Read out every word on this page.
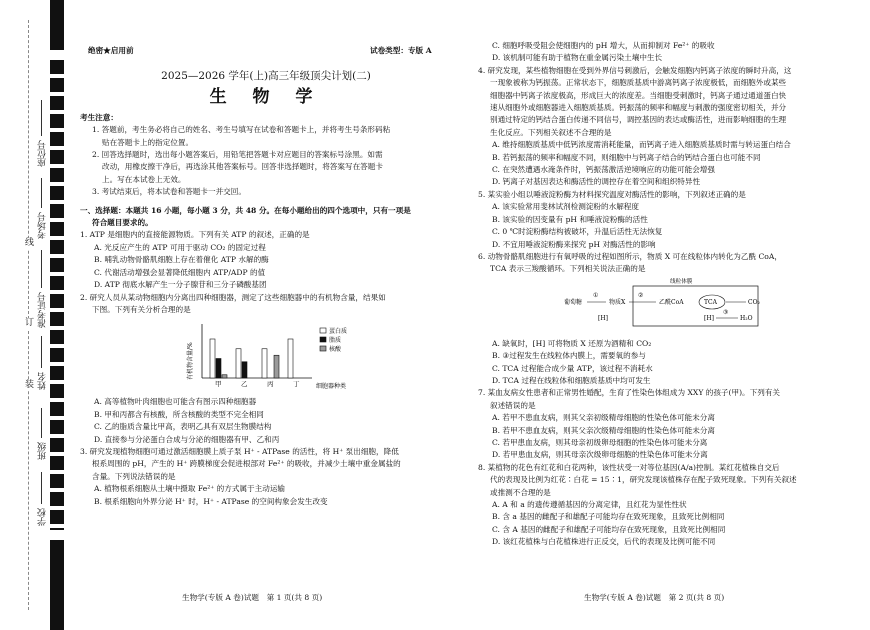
线
订
装
座位号
考场号
准考证号
姓名
班级
学校
绝密★启用前	试卷类型：专版 A
2025—2026 学年(上)高三年级顶尖计划(二)
生 物 学
考生注意：
1. 答题前，考生务必将自己的姓名、考生号填写在试卷和答题卡上，并将考生号条形码粘
贴在答题卡上的指定位置。
2. 回答选择题时，选出每小题答案后，用铅笔把答题卡对应题目的答案标号涂黑。如需
改动，用橡皮擦干净后，再选涂其他答案标号。回答非选择题时，将答案写在答题卡
上。写在本试卷上无效。
3. 考试结束后，将本试卷和答题卡一并交回。
一、选择题：本题共 16 小题，每小题 3 分，共 48 分。在每小题给出的四个选项中，只有一项是
符合题目要求的。
1. ATP 是细胞内的直接能源物质。下列有关 ATP 的叙述，正确的是
A. 光反应产生的 ATP 可用于驱动 CO₂ 的固定过程
B. 哺乳动物骨骼肌细胞上存在着催化 ATP 水解的酶
C. 代谢活动增强会显著降低细胞内 ATP/ADP 的值
D. ATP 彻底水解产生一分子腺苷和三分子磷酸基团
2. 研究人员从某动物细胞内分离出四种细胞器，测定了这些细胞器中的有机物含量，结果如
下图。下列有关分析合理的是
有机物含量/%
细胞器种类
甲	乙	丙	丁
蛋白质
脂质
核酸
A. 高等植物叶肉细胞也可能含有图示四种细胞器
B. 甲和丙都含有核酸，所含核酸的类型不完全相同
C. 乙的脂质含量比甲高，表明乙具有双层生物膜结构
D. 直接参与分泌蛋白合成与分泌的细胞器有甲、乙和丙
3. 研究发现植物细胞可通过激活细胞膜上质子泵 H⁺ - ATPase 的活性，将 H⁺ 泵出细胞，降低
根系周围的 pH，产生的 H⁺ 跨膜梯度会促进根部对 Fe²⁺ 的吸收，并减少土壤中重金属盐的
含量。下列说法错误的是
A. 植物根系细胞从土壤中摄取 Fe²⁺ 的方式属于主动运输
B. 根系细胞向外界分泌 H⁺ 时，H⁺ - ATPase 的空间构象会发生改变
生物学(专版 A 卷)试题　第 1 页(共 8 页)
C. 细胞呼吸受阻会使细胞内的 pH 增大，从而抑制对 Fe²⁺ 的吸收
D. 该机制可能有助于植物在重金属污染土壤中生长
4. 研究发现，某些植物细胞在受到外界信号刺激后，会触发细胞内钙离子浓度的瞬时升高，这
一现象被称为钙振荡。正常状态下，细胞质基质中游离钙离子浓度极低，而细胞外或某些
细胞器中钙离子浓度极高，形成巨大的浓度差。当细胞受刺激时，钙离子通过通道蛋白快
速从细胞外或细胞器进入细胞质基质。钙振荡的频率和幅度与刺激的强度密切相关，并分
别通过特定的钙结合蛋白传递不同信号，调控基因的表达或酶活性，进而影响细胞的生理
生化反应。下列相关叙述不合理的是
A. 维持细胞质基质中低钙浓度需消耗能量，而钙离子进入细胞质基质时需与转运蛋白结合
B. 若钙振荡的频率和幅度不同，则细胞中与钙离子结合的钙结合蛋白也可能不同
C. 在突然遭遇水淹条件时，钙振荡激活逆境响应的功能可能会增强
D. 钙离子对基因表达和酶活性的调控存在着空间和组织特异性
5. 某实验小组以唾液淀粉酶为材料探究温度对酶活性的影响，下列叙述正确的是
A. 该实验常用斐林试剂检测淀粉的水解程度
B. 该实验的因变量有 pH 和唾液淀粉酶的活性
C. 0 ℃时淀粉酶结构被破坏，升温后活性无法恢复
D. 不宜用唾液淀粉酶来探究 pH 对酶活性的影响
6. 动物骨骼肌细胞进行有氧呼吸的过程如图所示，物质 X 可在线粒体内转化为乙酰 CoA，
TCA 表示三羧酸循环。下列相关说法正确的是
线粒体膜
葡萄糖
①
物质X
[H]
乙酰CoA	TCA	CO₂
[H]
③
②
H₂O
A. 缺氧时，[H] 可将物质 X 还原为酒精和 CO₂
B. ③过程发生在线粒体内膜上，需要氧的参与
C. TCA 过程能合成少量 ATP，该过程不消耗水
D. TCA 过程在线粒体和细胞质基质中均可发生
7. 某血友病女性患者和正常男性婚配，生育了性染色体组成为 XXY 的孩子(甲)。下列有关
叙述错误的是
A. 若甲不患血友病，则其父亲初级精母细胞的性染色体可能未分离
B. 若甲不患血友病，则其父亲次级精母细胞的性染色体可能未分离
C. 若甲患血友病，则其母亲初级卵母细胞的性染色体可能未分离
D. 若甲患血友病，则其母亲次级卵母细胞的性染色体可能未分离
8. 某植物的花色有红花和白花两种，该性状受一对等位基因(A/a)控制。某红花植株自交后
代的表现及比例为红花∶白花 = 15∶1，研究发现该植株存在配子致死现象。下列有关叙述
或推测不合理的是
A. A 和 a 的遗传遵循基因的分离定律，且红花为显性性状
B. 含 a 基因的雌配子和雄配子可能均存在致死现象，且致死比例相同
C. 含 A 基因的雌配子和雄配子可能均存在致死现象，且致死比例相同
D. 该红花植株与白花植株进行正反交，后代的表现及比例可能不同
生物学(专版 A 卷)试题　第 2 页(共 8 页)
